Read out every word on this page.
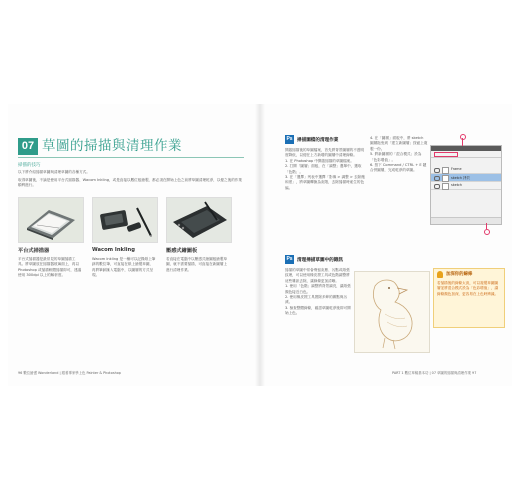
07 草圖的掃描與清理作業
掃描的技巧
以下將介紹掃描草圖與清理草圖的各種方式。
取得草圖後，不論是使用平台式掃描器、Wacom Inkling，或是直接以數位板繪製，都必須在開始上色之前將草圖清理乾淨，以便之後的作業順利進行。
平台式掃描器	Wacom Inkling	壓感式繪圖板
平台式掃描器是最常見的草圖掃描工具。將草圖放在掃描器玻璃面上，再以 Photoshop 或掃描軟體掃描即可，建議使用 300dpi 以上的解析度。
Wacom Inkling 是一種可以記錄紙上筆跡的數位筆，可直接在紙上繪製草圖，再將筆跡匯入電腦中，以圖層的方式呈現。
若直接在電腦中以壓感式繪圖板繪製草圖，就不需要掃描，可直接在新圖層上進行清理作業。
96 數位繪畫 Wonderland | 跟著專家學上色 Painter & Photoshop
Ps 掃描圖檔的清理作業
開啟掃描後的草圖檔案，首先將背景圖層的不透明度降低，以便在上方新增的圖層中清理線條。
1. 在 Photoshop 中開啟掃描的草圖檔案。
2. 打開「圖層」面板，在「調整」選單中，選取「色階」。
3. 在「選擇」列表中選擇「影像 > 調整 > 去除飽和度」，將草圖轉換為灰階，去除掃描時產生的色偏。
4. 在「圖層」面板中，將 sketch 圖層拖曳到「建立新圖層」按鈕上複製一份。
5. 將新圖層的「混合模式」設為「色彩增值」。
6. 按下 Command / CTRL + E 鍵合併圖層，完成乾淨的草圖。	Frame
sketch 拷貝
sketch
Ps 清理掃描草圖中的雜訊
掃描的草圖中常會殘留灰塵、污點或紙張紋理，可以使用橡皮擦工具或色階調整將這些雜訊去除，讓線條更加清晰。
1. 使用「色階」調整將背景調亮，讓紙張顏色接近白色。
2. 使用橡皮擦工具擦除多餘的雜點與污漬。
3. 檢查整體線條，確認草圖乾淨後即可開始上色。
加深你的線條
若掃描後的線條太淡，可以複製草圖圖層並將混合模式設為「色彩增值」，讓線條顏色加深，更容易在上色時辨識。
PART 1 數位草稿基本功 | 07 草圖的掃描與清理作業 97
